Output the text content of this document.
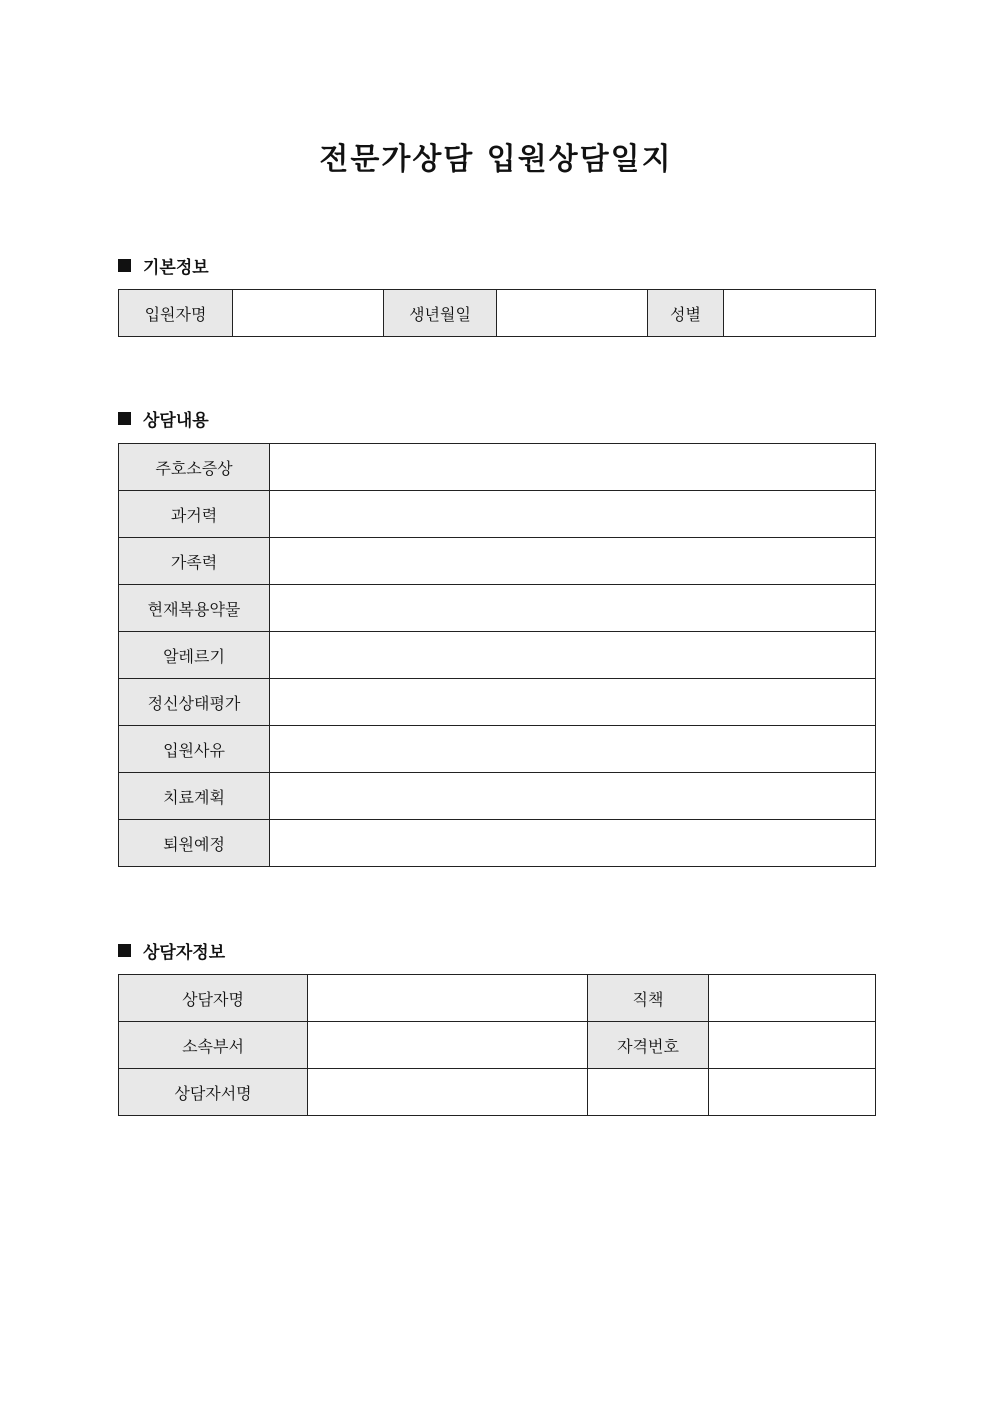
전문가상담 입원상담일지
기본정보
입원자명		생년월일		성별	
상담내용
주호소증상	
과거력	
가족력	
현재복용약물	
알레르기	
정신상태평가	
입원사유	
치료계획	
퇴원예정	
상담자정보
상담자명		직책	
소속부서		자격번호	
상담자서명			
